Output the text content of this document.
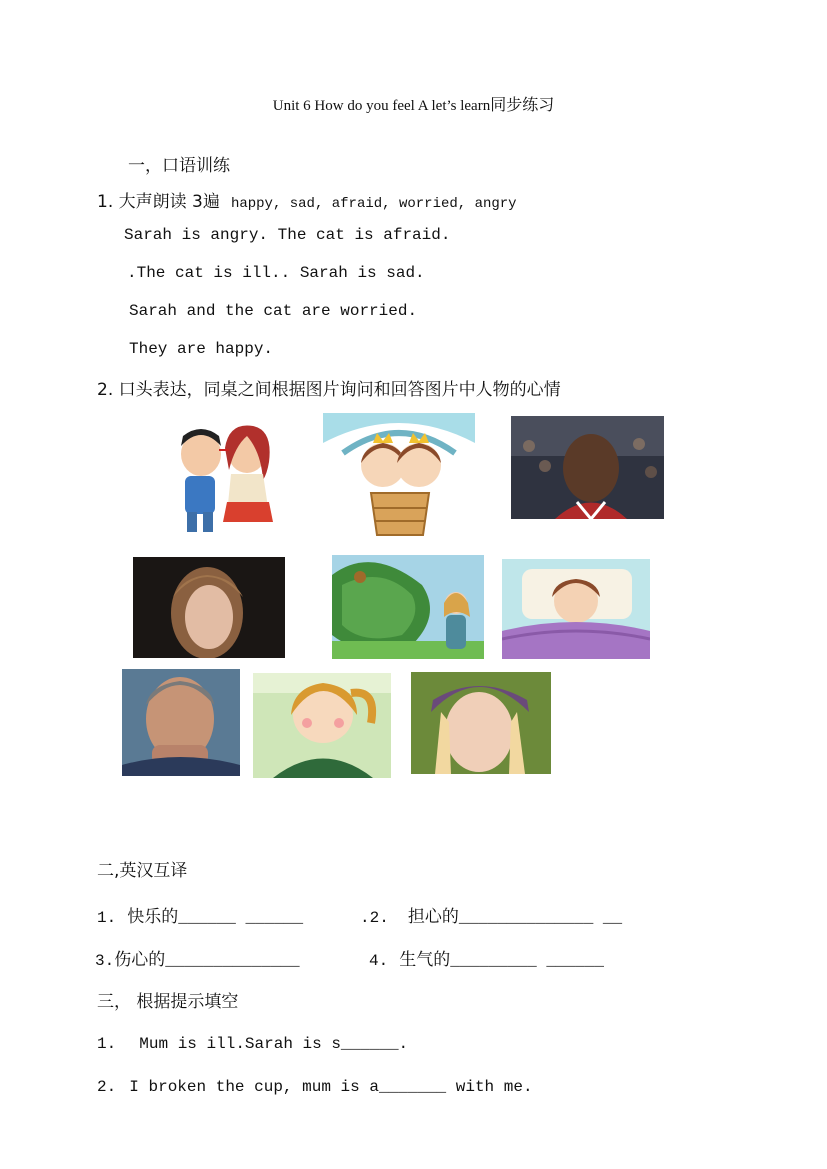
Unit 6 How do you feel A let’s learn同步练习
一，口语训练
1. 大声朗读 3遍 happy, sad, afraid, worried, angry
Sarah is angry. The cat is afraid.
.The cat is ill.. Sarah is sad.
Sarah and the cat are worried.
They are happy.
2. 口头表达，同桌之间根据图片询问和回答图片中人物的心情
二,英汉互译
1. 快乐的______ ______	.2. 担心的______________ __
3.伤心的______________	4. 生气的_________ ______
三， 根据提示填空
1. Mum is ill.Sarah is s______.
2. I broken the cup, mum is a_______ with me.
